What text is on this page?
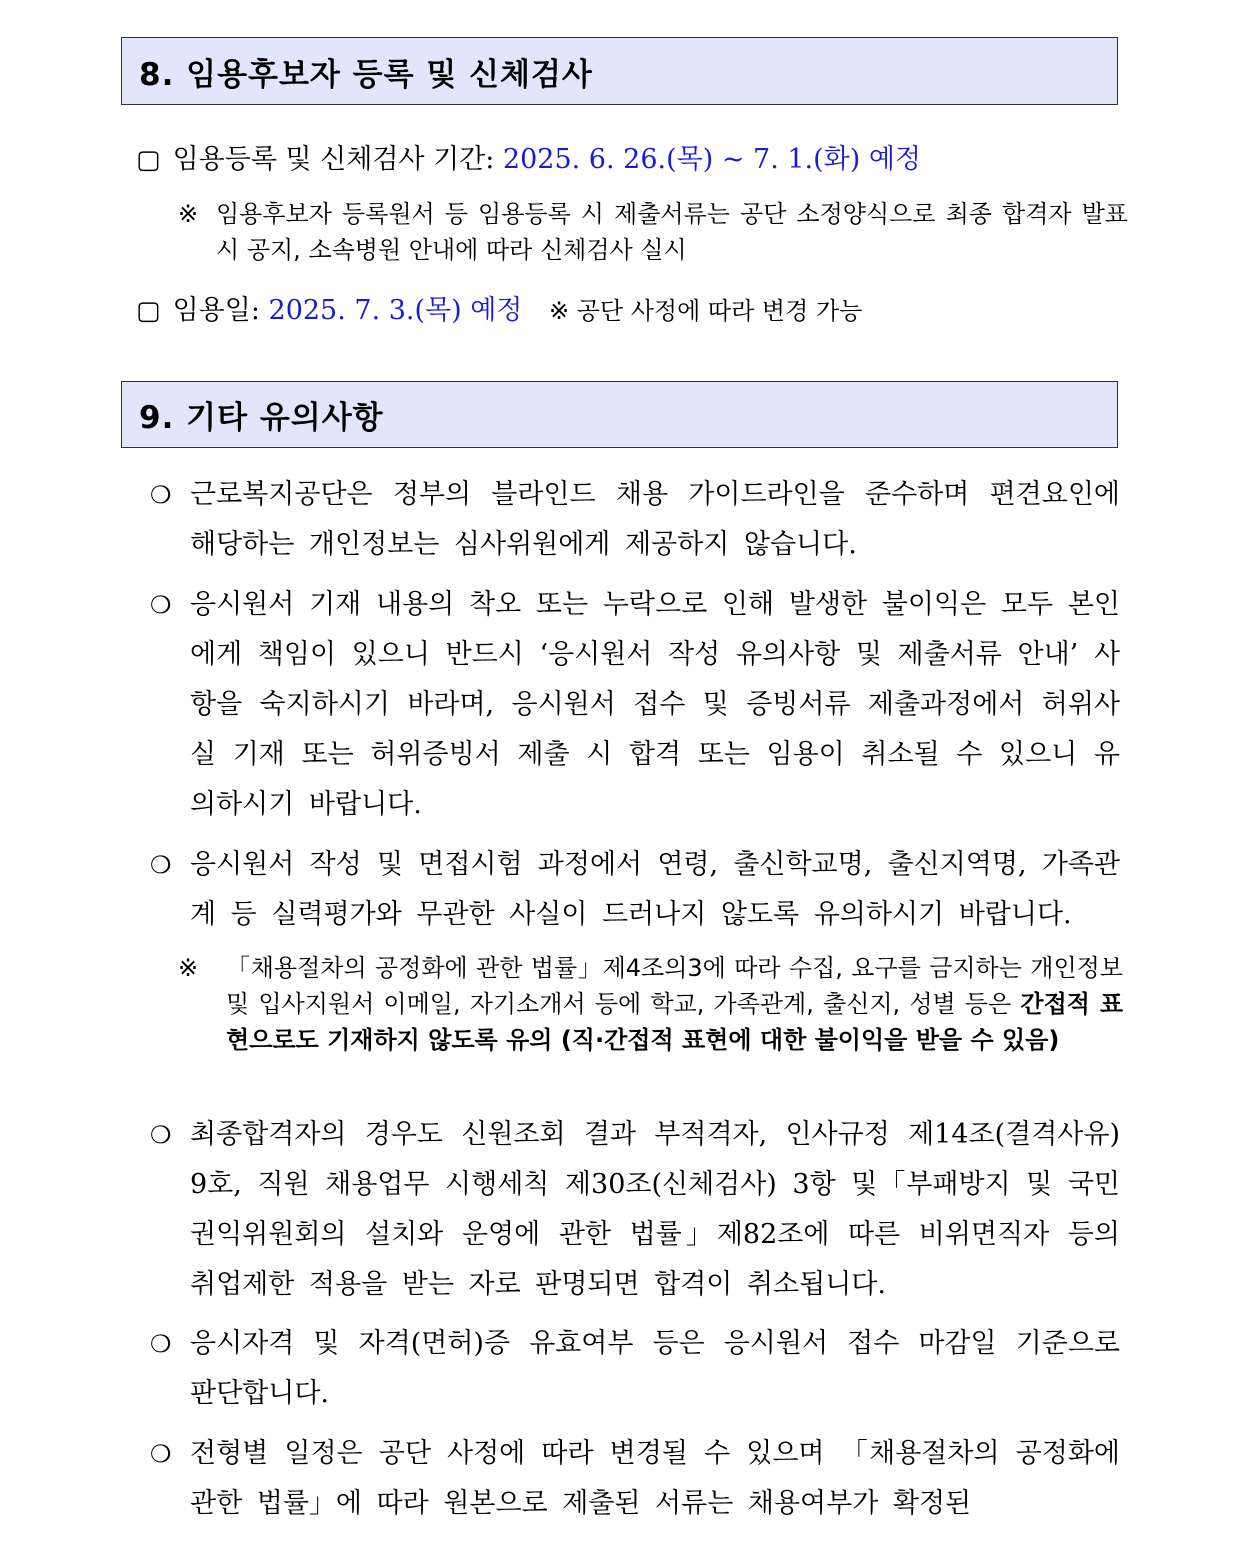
8. 임용후보자 등록 및 신체검사
▢ 임용등록 및 신체검사 기간: 2025. 6. 26.(목) ~ 7. 1.(화) 예정
※ 임용후보자 등록원서 등 임용등록 시 제출서류는 공단 소정양식으로 최종 합격자 발표 시 공지, 소속병원 안내에 따라 신체검사 실시
▢ 임용일: 2025. 7. 3.(목) 예정 ※ 공단 사정에 따라 변경 가능
9. 기타 유의사항
❍ 근로복지공단은 정부의 블라인드 채용 가이드라인을 준수하며 편견요인에 해당하는 개인정보는 심사위원에게 제공하지 않습니다.
❍ 응시원서 기재 내용의 착오 또는 누락으로 인해 발생한 불이익은 모두 본인에게 책임이 있으니 반드시 ‘응시원서 작성 유의사항 및 제출서류 안내’ 사항을 숙지하시기 바라며, 응시원서 접수 및 증빙서류 제출과정에서 허위사실 기재 또는 허위증빙서 제출 시 합격 또는 임용이 취소될 수 있으니 유의하시기 바랍니다.
❍ 응시원서 작성 및 면접시험 과정에서 연령, 출신학교명, 출신지역명, 가족관계 등 실력평가와 무관한 사실이 드러나지 않도록 유의하시기 바랍니다.
※ 「채용절차의 공정화에 관한 법률」제4조의3에 따라 수집, 요구를 금지하는 개인정보 및 입사지원서 이메일, 자기소개서 등에 학교, 가족관계, 출신지, 성별 등은 간접적 표현으로도 기재하지 않도록 유의 (직·간접적 표현에 대한 불이익을 받을 수 있음)
❍ 최종합격자의 경우도 신원조회 결과 부적격자, 인사규정 제14조(결격사유) 9호, 직원 채용업무 시행세칙 제30조(신체검사) 3항 및「부패방지 및 국민권익위원회의 설치와 운영에 관한 법률」제82조에 따른 비위면직자 등의 취업제한 적용을 받는 자로 판명되면 합격이 취소됩니다.
❍ 응시자격 및 자격(면허)증 유효여부 등은 응시원서 접수 마감일 기준으로 판단합니다.
❍ 전형별 일정은 공단 사정에 따라 변경될 수 있으며 「채용절차의 공정화에 관한 법률」에 따라 원본으로 제출된 서류는 채용여부가 확정된
